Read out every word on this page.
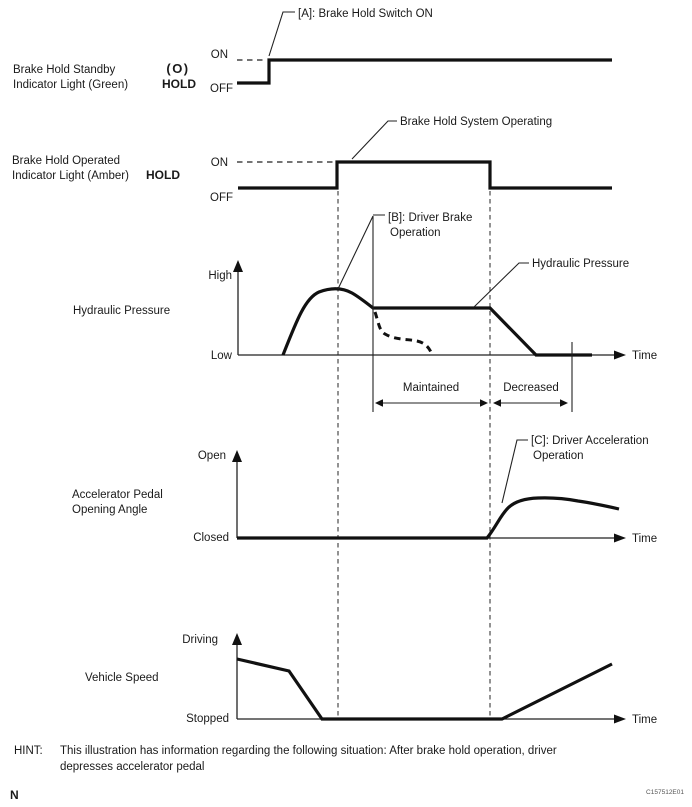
Brake Hold Standby
Indicator Light (Green)
(O)
HOLD
ON
OFF
[A]: Brake Hold Switch ON
Brake Hold Operated
Indicator Light (Amber) HOLD
ON
OFF
Brake Hold System Operating
Hydraulic Pressure
High
Low	Time
[B]: Driver Brake
Operation
Hydraulic Pressure
Maintained	Decreased
Accelerator Pedal
Opening Angle
Open
Closed	Time
[C]: Driver Acceleration
Operation
Vehicle Speed
Driving
Stopped	Time
HINT: This illustration has information regarding the following situation: After brake hold operation, driver
depresses accelerator pedal
N	C157512E01
